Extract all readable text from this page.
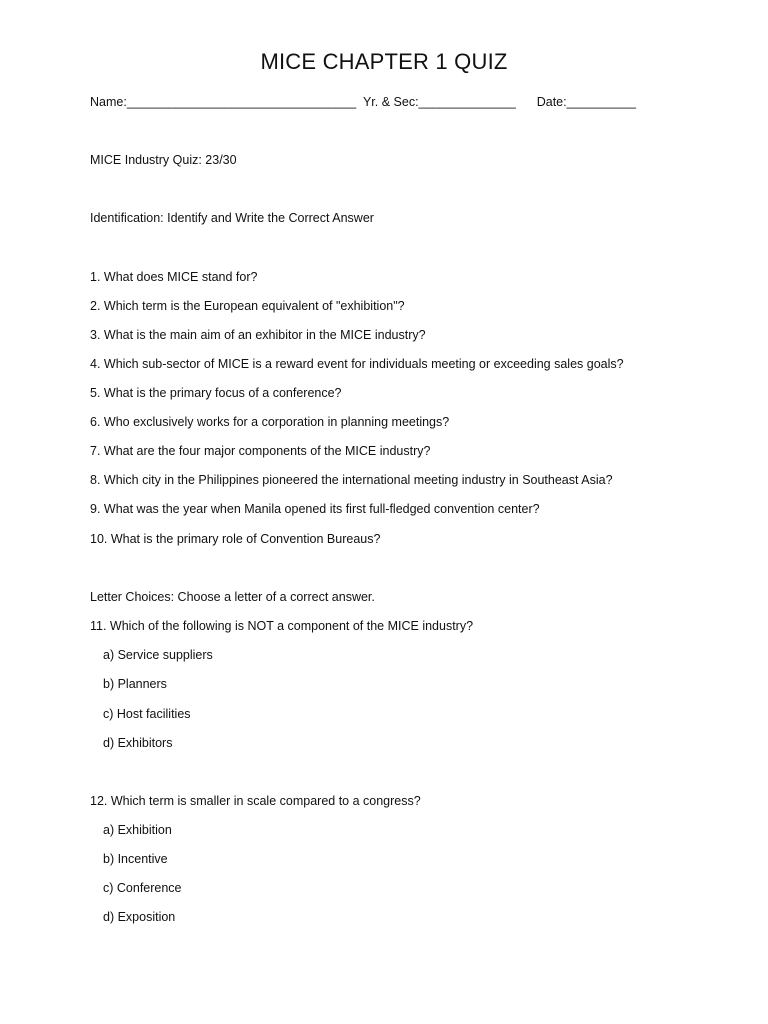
MICE CHAPTER 1 QUIZ
Name:_________________________________ Yr. & Sec:______________ Date:__________
MICE Industry Quiz: 23/30
Identification: Identify and Write the Correct Answer
1. What does MICE stand for?
2. Which term is the European equivalent of "exhibition"?
3. What is the main aim of an exhibitor in the MICE industry?
4. Which sub-sector of MICE is a reward event for individuals meeting or exceeding sales goals?
5. What is the primary focus of a conference?
6. Who exclusively works for a corporation in planning meetings?
7. What are the four major components of the MICE industry?
8. Which city in the Philippines pioneered the international meeting industry in Southeast Asia?
9. What was the year when Manila opened its first full-fledged convention center?
10. What is the primary role of Convention Bureaus?
Letter Choices: Choose a letter of a correct answer.
11. Which of the following is NOT a component of the MICE industry?
a) Service suppliers
b) Planners
c) Host facilities
d) Exhibitors
12. Which term is smaller in scale compared to a congress?
a) Exhibition
b) Incentive
c) Conference
d) Exposition
